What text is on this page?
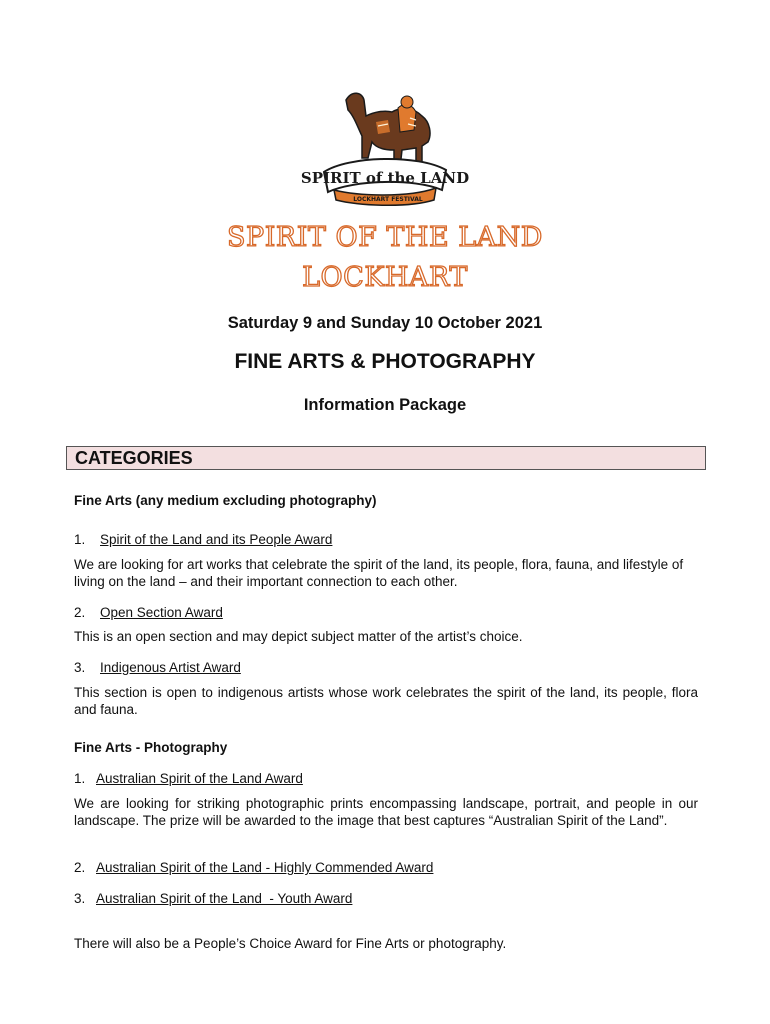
SPIRIT of the LAND
LOCKHART FESTIVAL
SPIRIT OF THE LAND
LOCKHART
Saturday 9 and Sunday 10 October 2021
FINE ARTS & PHOTOGRAPHY
Information Package
CATEGORIES
Fine Arts (any medium excluding photography)
1. Spirit of the Land and its People Award
We are looking for art works that celebrate the spirit of the land, its people, flora, fauna, and lifestyle of living on the land – and their important connection to each other.
2. Open Section Award
This is an open section and may depict subject matter of the artist’s choice.
3. Indigenous Artist Award
This section is open to indigenous artists whose work celebrates the spirit of the land, its people, flora and fauna.
Fine Arts - Photography
1. Australian Spirit of the Land Award
We are looking for striking photographic prints encompassing landscape, portrait, and people in our landscape. The prize will be awarded to the image that best captures “Australian Spirit of the Land”.
2. Australian Spirit of the Land - Highly Commended Award
3. Australian Spirit of the Land  - Youth Award
There will also be a People’s Choice Award for Fine Arts or photography.
